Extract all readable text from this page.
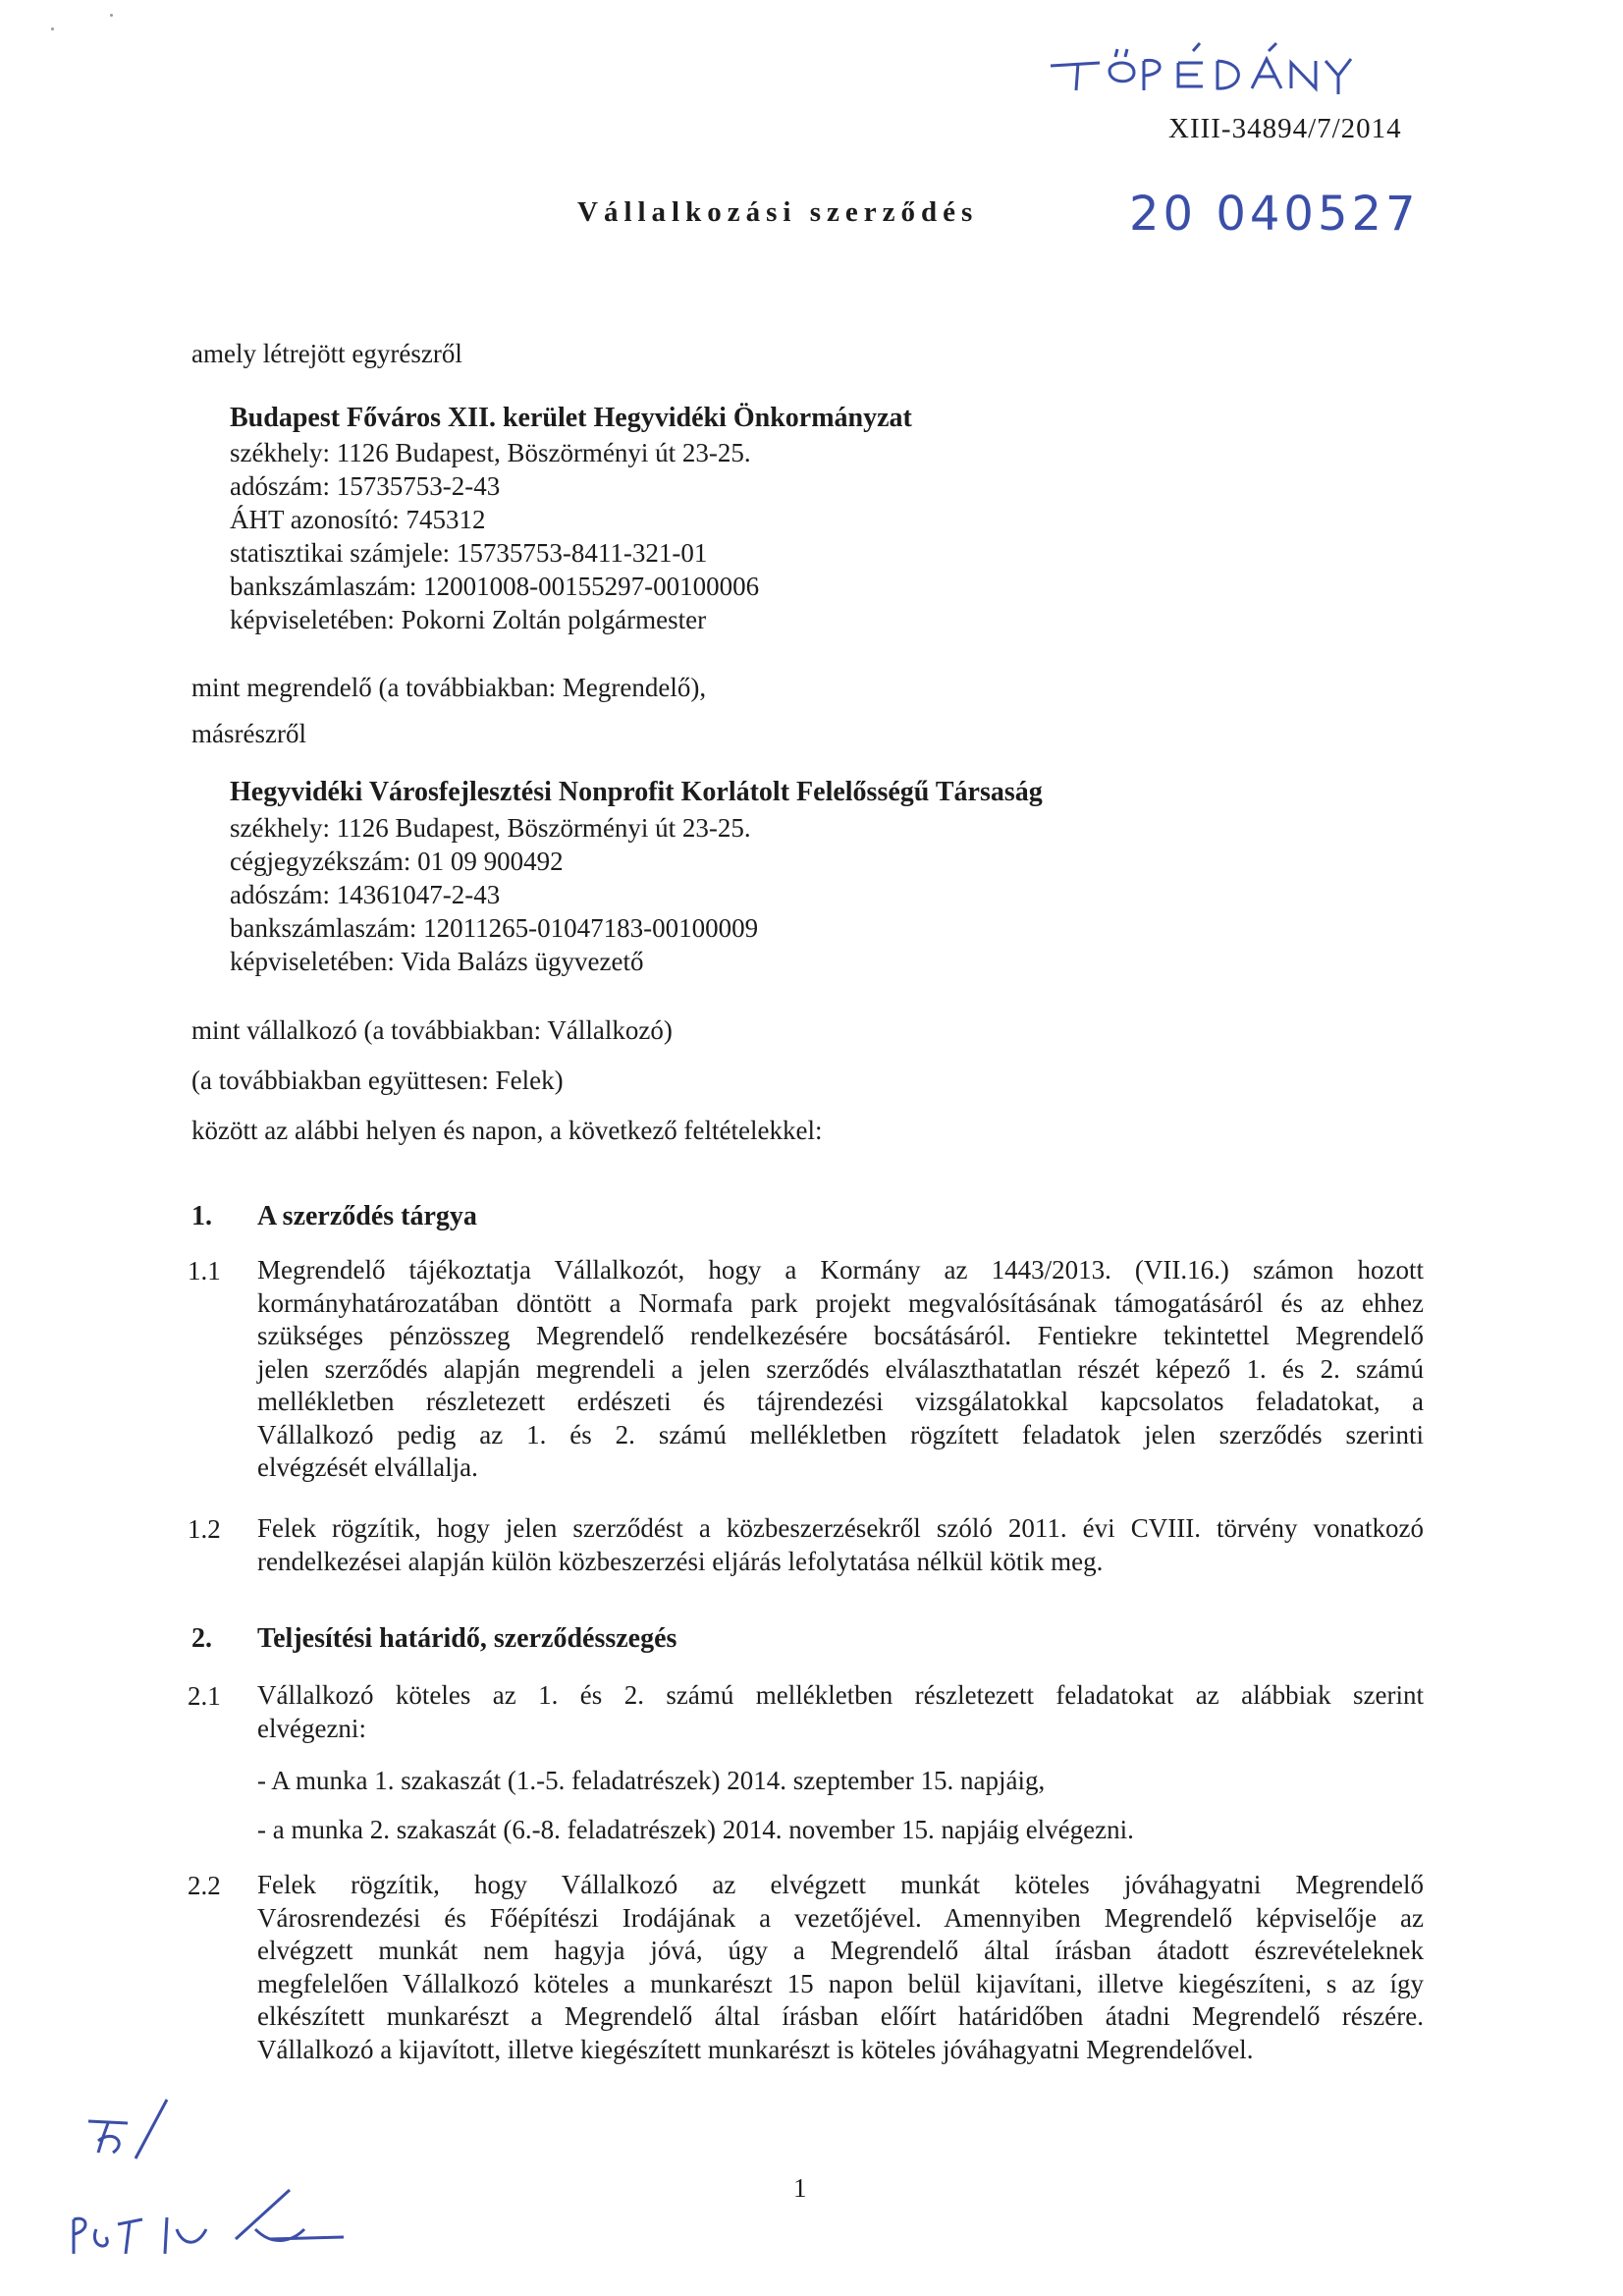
XIII-34894/7/2014
Vállalkozási szerződés	20 040527
amely létrejött egyrészről
Budapest Főváros XII. kerület Hegyvidéki Önkormányzat
székhely: 1126 Budapest, Böszörményi út 23-25.
adószám: 15735753-2-43
ÁHT azonosító: 745312
statisztikai számjele: 15735753-8411-321-01
bankszámlaszám: 12001008-00155297-00100006
képviseletében: Pokorni Zoltán polgármester
mint megrendelő (a továbbiakban: Megrendelő),
másrészről
Hegyvidéki Városfejlesztési Nonprofit Korlátolt Felelősségű Társaság
székhely: 1126 Budapest, Böszörményi út 23-25.
cégjegyzékszám: 01 09 900492
adószám: 14361047-2-43
bankszámlaszám: 12011265-01047183-00100009
képviseletében: Vida Balázs ügyvezető
mint vállalkozó (a továbbiakban: Vállalkozó)
(a továbbiakban együttesen: Felek)
között az alábbi helyen és napon, a következő feltételekkel:
1. A szerződés tárgya
1.1 Megrendelő tájékoztatja Vállalkozót, hogy a Kormány az 1443/2013. (VII.16.) számon hozott
kormányhatározatában döntött a Normafa park projekt megvalósításának támogatásáról és az ehhez
szükséges pénzösszeg Megrendelő rendelkezésére bocsátásáról. Fentiekre tekintettel Megrendelő
jelen szerződés alapján megrendeli a jelen szerződés elválaszthatatlan részét képező 1. és 2. számú
mellékletben részletezett erdészeti és tájrendezési vizsgálatokkal kapcsolatos feladatokat, a
Vállalkozó pedig az 1. és 2. számú mellékletben rögzített feladatok jelen szerződés szerinti
elvégzését elvállalja.
1.2 Felek rögzítik, hogy jelen szerződést a közbeszerzésekről szóló 2011. évi CVIII. törvény vonatkozó
rendelkezései alapján külön közbeszerzési eljárás lefolytatása nélkül kötik meg.
2. Teljesítési határidő, szerződésszegés
2.1 Vállalkozó köteles az 1. és 2. számú mellékletben részletezett feladatokat az alábbiak szerint
elvégezni:
- A munka 1. szakaszát (1.-5. feladatrészek) 2014. szeptember 15. napjáig,
- a munka 2. szakaszát (6.-8. feladatrészek) 2014. november 15. napjáig elvégezni.
2.2 Felek rögzítik, hogy Vállalkozó az elvégzett munkát köteles jóváhagyatni Megrendelő
Városrendezési és Főépítészi Irodájának a vezetőjével. Amennyiben Megrendelő képviselője az
elvégzett munkát nem hagyja jóvá, úgy a Megrendelő által írásban átadott észrevételeknek
megfelelően Vállalkozó köteles a munkarészt 15 napon belül kijavítani, illetve kiegészíteni, s az így
elkészített munkarészt a Megrendelő által írásban előírt határidőben átadni Megrendelő részére.
Vállalkozó a kijavított, illetve kiegészített munkarészt is köteles jóváhagyatni Megrendelővel.
1
